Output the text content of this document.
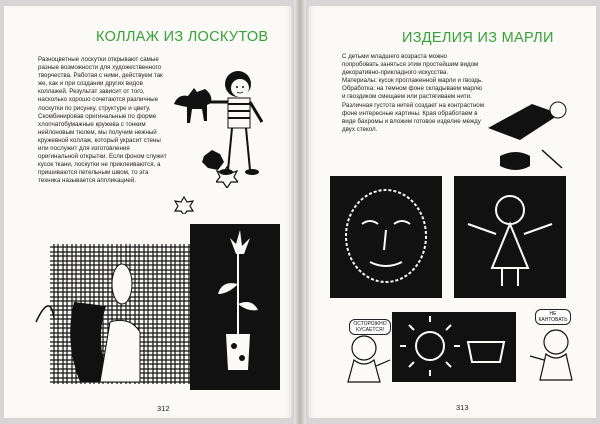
КОЛЛАЖ ИЗ ЛОСКУТОВ
Разноцветные лоскутки открывают самые разные возможности для художественного творчества. Работая с ними, действуем так же, как и при создании других видов коллажей. Результат зависит от того, насколько хорошо сочетаются различные лоскутки по рисунку, структуре и цвету. Скомбинировав оригинальные по форме хлопчатобумажные кружева с тонким нейлоновым тюлем, мы получим нежный кружевной коллаж, который украсит стены или послужит для изготовления оригинальной открытки. Если фоном служит кусок ткани, лоскутки не приклеиваются, а пришиваются петельным швом, то эта техника называется аппликацией.
312
ИЗДЕЛИЯ ИЗ МАРЛИ
С детьми младшего возраста можно попробовать заняться этим простейшим видом декоративно-прикладного искусства. Материалы: кусок проглаженной марли и гвоздь.
Обработка: на темном фоне складываем марлю и гвоздиком смещаем или растягиваем нити. Различная густота нитей создает на контрастном фоне интересные картины. Края обработаем в виде бахромы и вложим готовое изделие между двух стекол.
ОСТОРОЖНО
КУСАЕТСЯ!
НЕ
КАНТОВАТЬ
313
